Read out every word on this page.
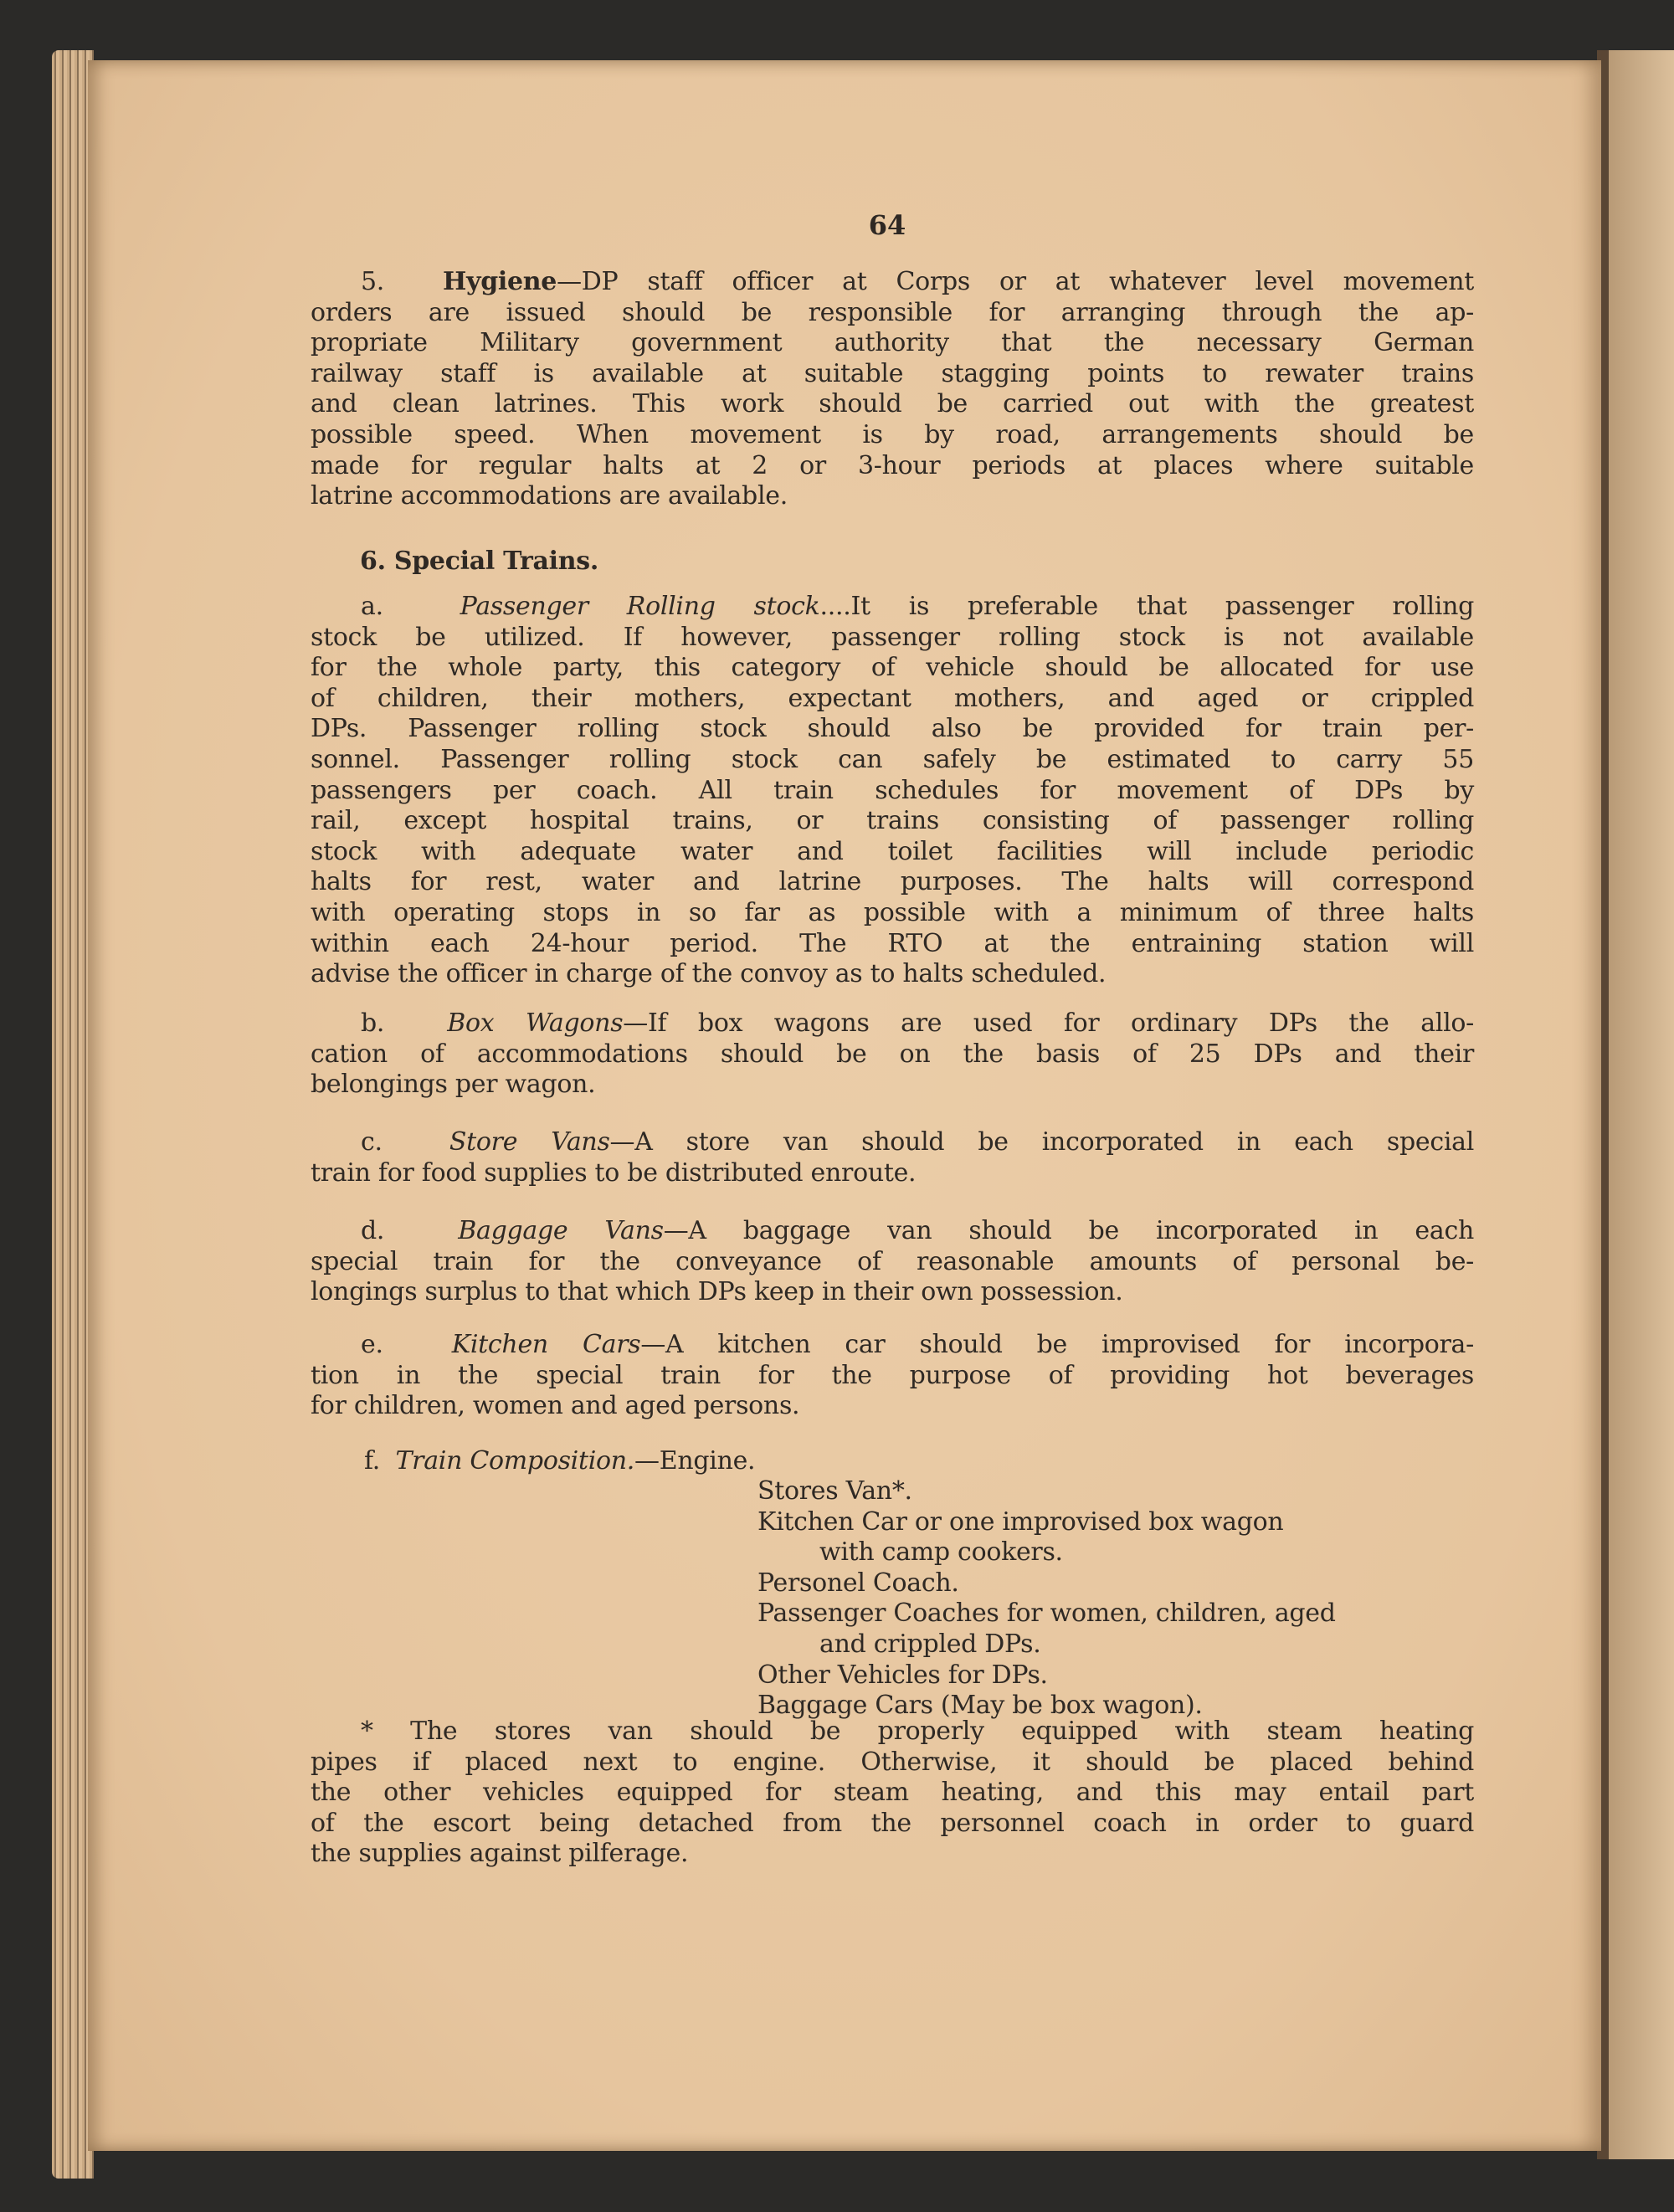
64
5. Hygiene—DP staff officer at Corps or at whatever level movement
orders are issued should be responsible for arranging through the ap-
propriate Military government authority that the necessary German
railway staff is available at suitable stagging points to rewater trains
and clean latrines. This work should be carried out with the greatest
possible speed. When movement is by road, arrangements should be
made for regular halts at 2 or 3-hour periods at places where suitable
latrine accommodations are available.
6. Special Trains.
a.	Passenger Rolling stock....It is preferable that passenger rolling
stock be utilized. If however, passenger rolling stock is not available
for the whole party, this category of vehicle should be allocated for use
of children, their mothers, expectant mothers, and aged or crippled
DPs. Passenger rolling stock should also be provided for train per-
sonnel. Passenger rolling stock can safely be estimated to carry 55
passengers per coach. All train schedules for movement of DPs by
rail, except hospital trains, or trains consisting of passenger rolling
stock with adequate water and toilet facilities will include periodic
halts for rest, water and latrine purposes. The halts will correspond
with operating stops in so far as possible with a minimum of three halts
within each 24-hour period. The RTO at the entraining station will
advise the officer in charge of the convoy as to halts scheduled.
b.	Box Wagons—If box wagons are used for ordinary DPs the allo-
cation of accommodations should be on the basis of 25 DPs and their
belongings per wagon.
c.	Store Vans—A store van should be incorporated in each special
train for food supplies to be distributed enroute.
d.	Baggage Vans—A baggage van should be incorporated in each
special train for the conveyance of reasonable amounts of personal be-
longings surplus to that which DPs keep in their own possession.
e.	Kitchen Cars—A kitchen car should be improvised for incorpora-
tion in the special train for the purpose of providing hot beverages
for children, women and aged persons.
f. Train Composition.—Engine.
Stores Van*.
Kitchen Car or one improvised box wagon
with camp cookers.
Personel Coach.
Passenger Coaches for women, children, aged
and crippled DPs.
Other Vehicles for DPs.
Baggage Cars (May be box wagon).
* The stores van should be properly equipped with steam heating
pipes if placed next to engine. Otherwise, it should be placed behind
the other vehicles equipped for steam heating, and this may entail part
of the escort being detached from the personnel coach in order to guard
the supplies against pilferage.
